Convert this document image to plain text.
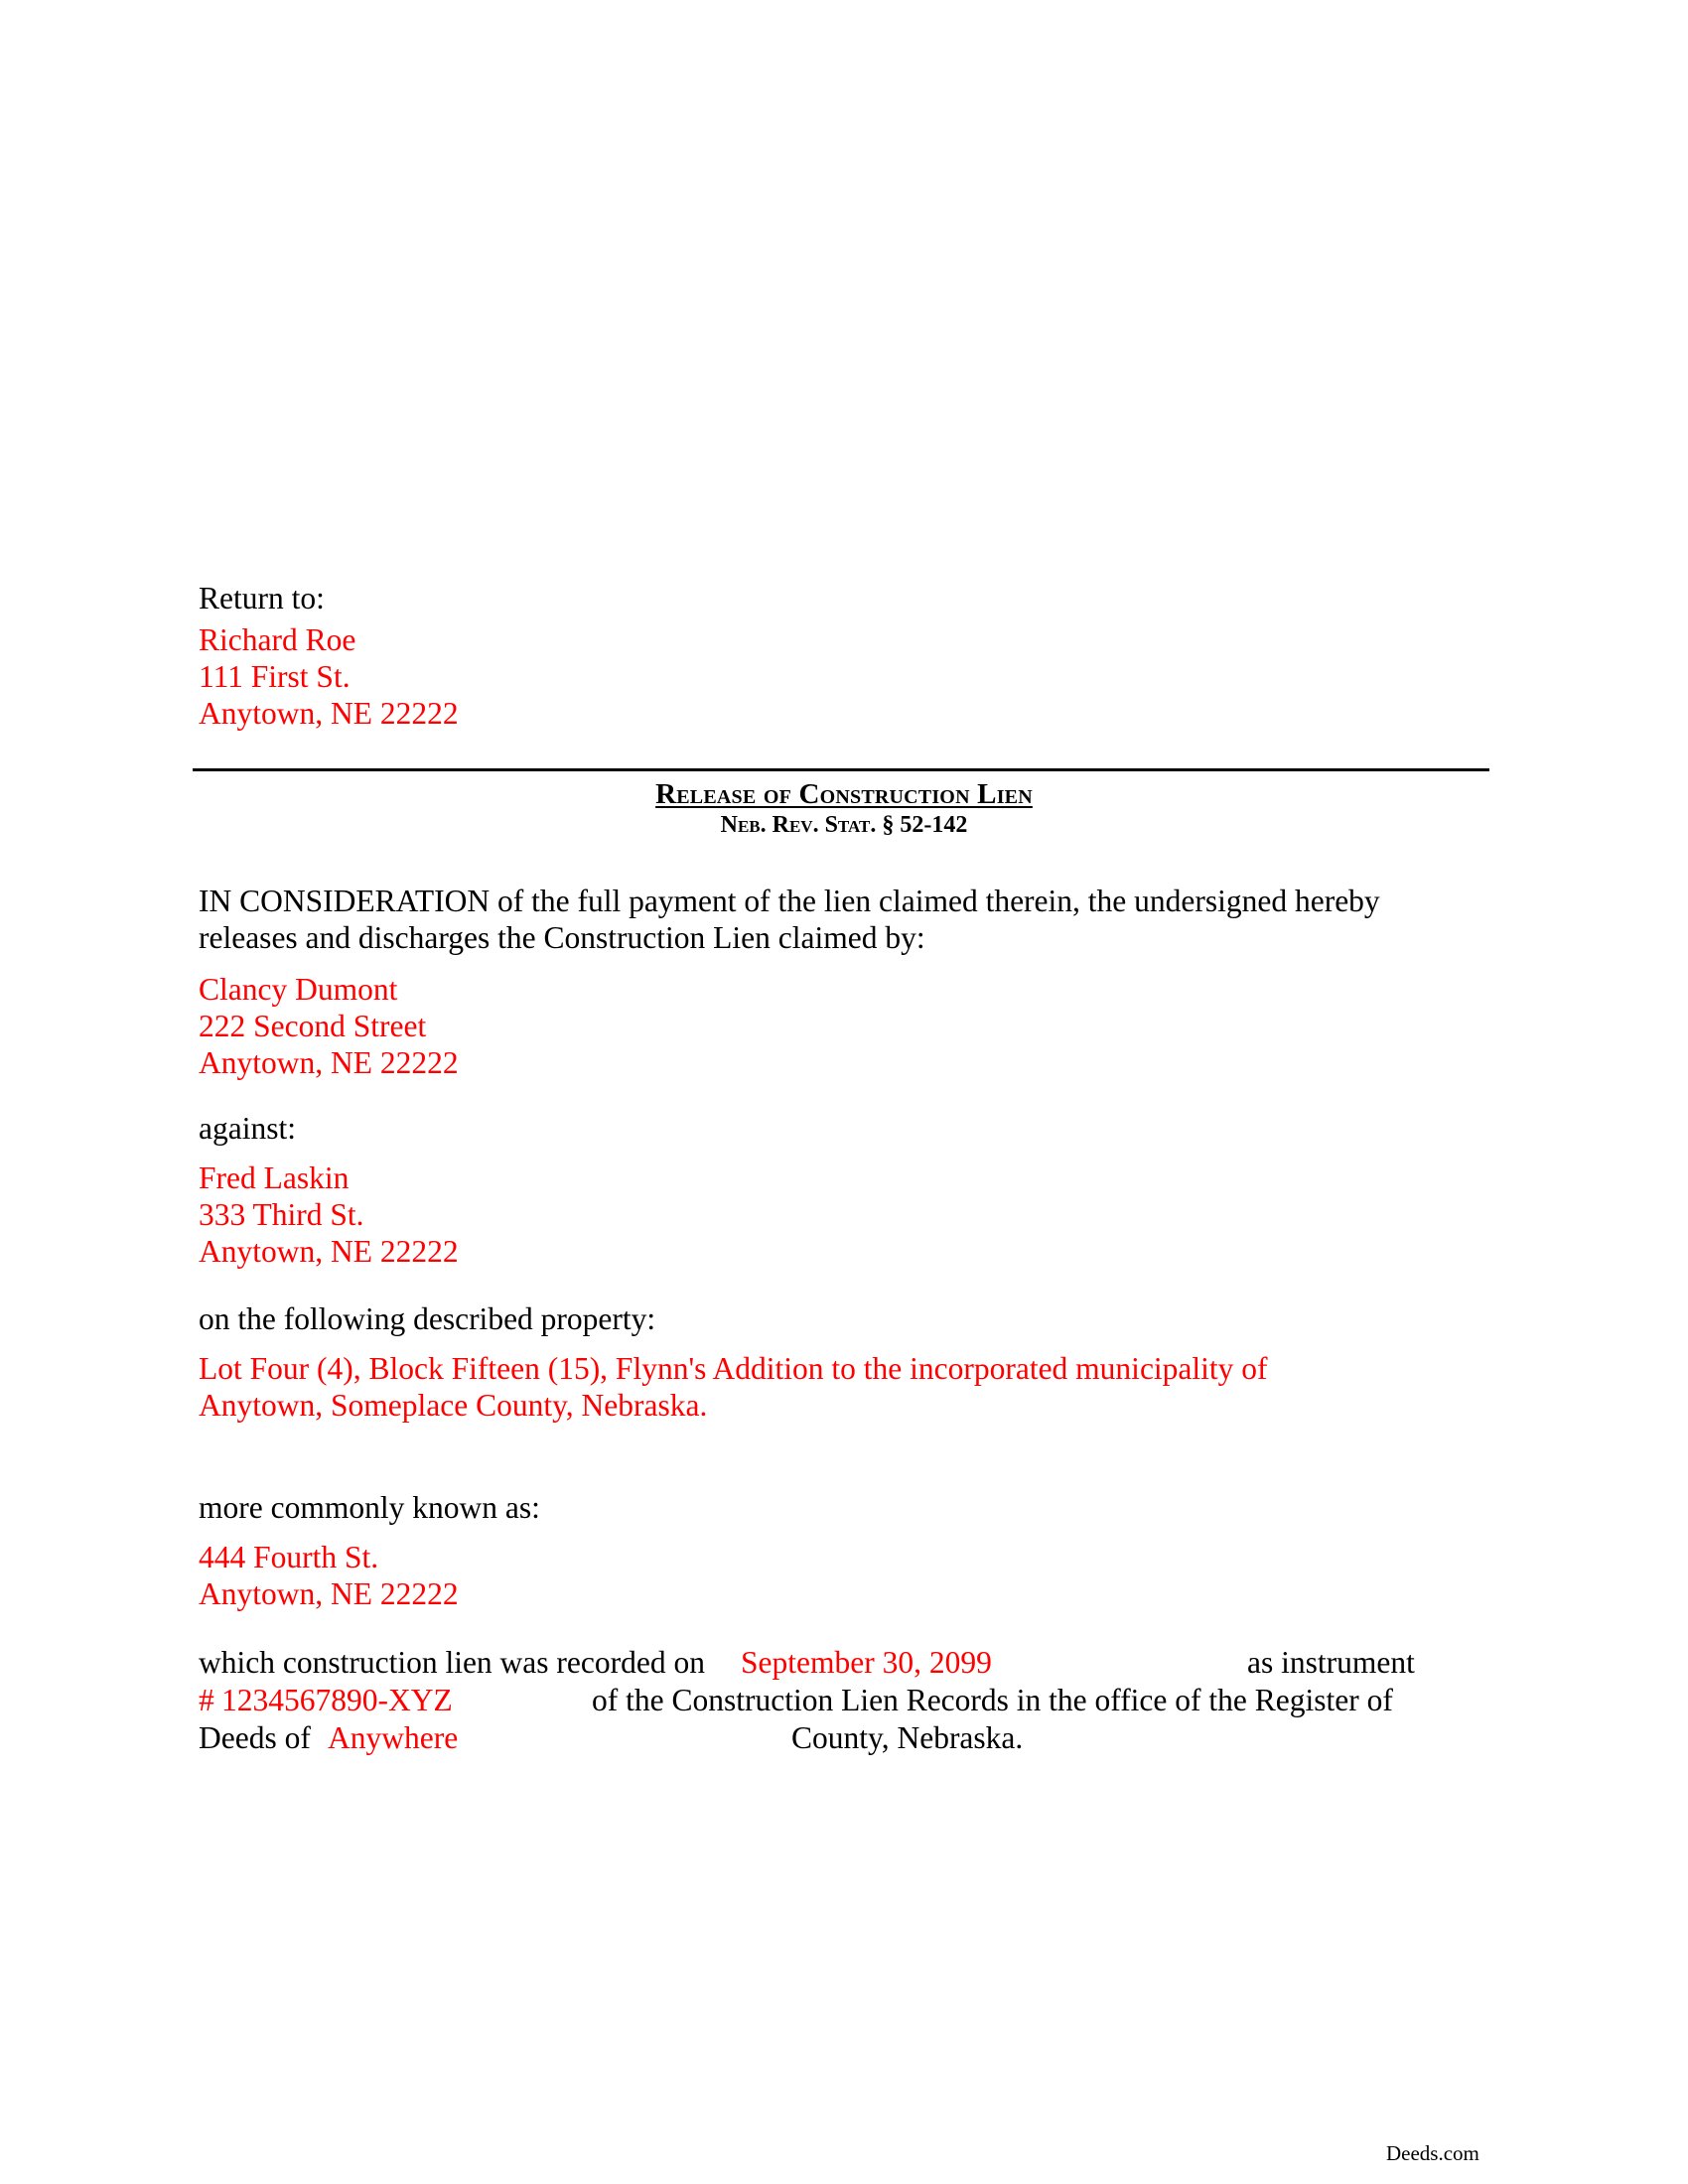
Return to:
Richard Roe
111 First St.
Anytown, NE 22222
Release of Construction Lien
Neb. Rev. Stat. § 52-142
IN CONSIDERATION of the full payment of the lien claimed therein, the undersigned hereby
releases and discharges the Construction Lien claimed by:
Clancy Dumont
222 Second Street
Anytown, NE 22222
against:
Fred Laskin
333 Third St.
Anytown, NE 22222
on the following described property:
Lot Four (4), Block Fifteen (15), Flynn's Addition to the incorporated municipality of
Anytown, Someplace County, Nebraska.
more commonly known as:
444 Fourth St.
Anytown, NE 22222
which construction lien was recorded on September 30, 2099	as instrument
# 1234567890-XYZ	of the Construction Lien Records in the office of the Register of
Deeds of Anywhere	County, Nebraska.
Deeds.com
